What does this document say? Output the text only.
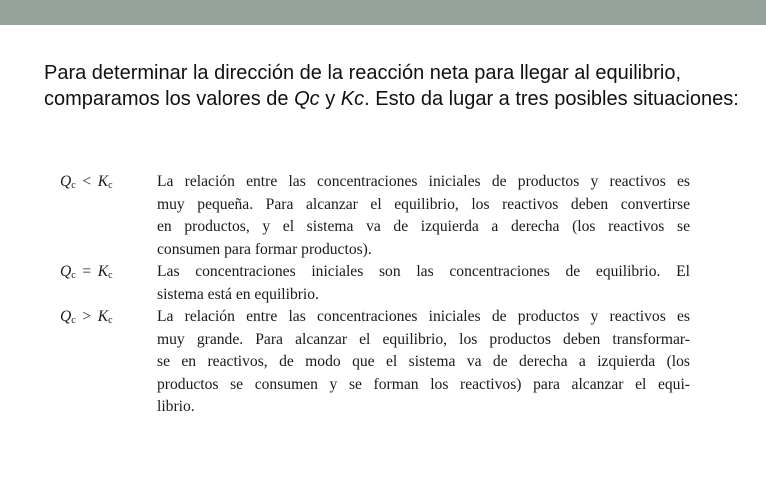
Para determinar la dirección de la reacción neta para llegar al equilibrio, comparamos los valores de Qc y Kc. Esto da lugar a tres posibles situaciones:

$Q_c < K_c$	La relación entre las concentraciones iniciales de productos y reactivos es
muy pequeña. Para alcanzar el equilibrio, los reactivos deben convertirse
en productos, y el sistema va de izquierda a derecha (los reactivos se
consumen para formar productos).
$Q_c = K_c$	Las concentraciones iniciales son las concentraciones de equilibrio. El
sistema está en equilibrio.
$Q_c > K_c$	La relación entre las concentraciones iniciales de productos y reactivos es
muy grande. Para alcanzar el equilibrio, los productos deben transformar-
se en reactivos, de modo que el sistema va de derecha a izquierda (los
productos se consumen y se forman los reactivos) para alcanzar el equi-
librio.
